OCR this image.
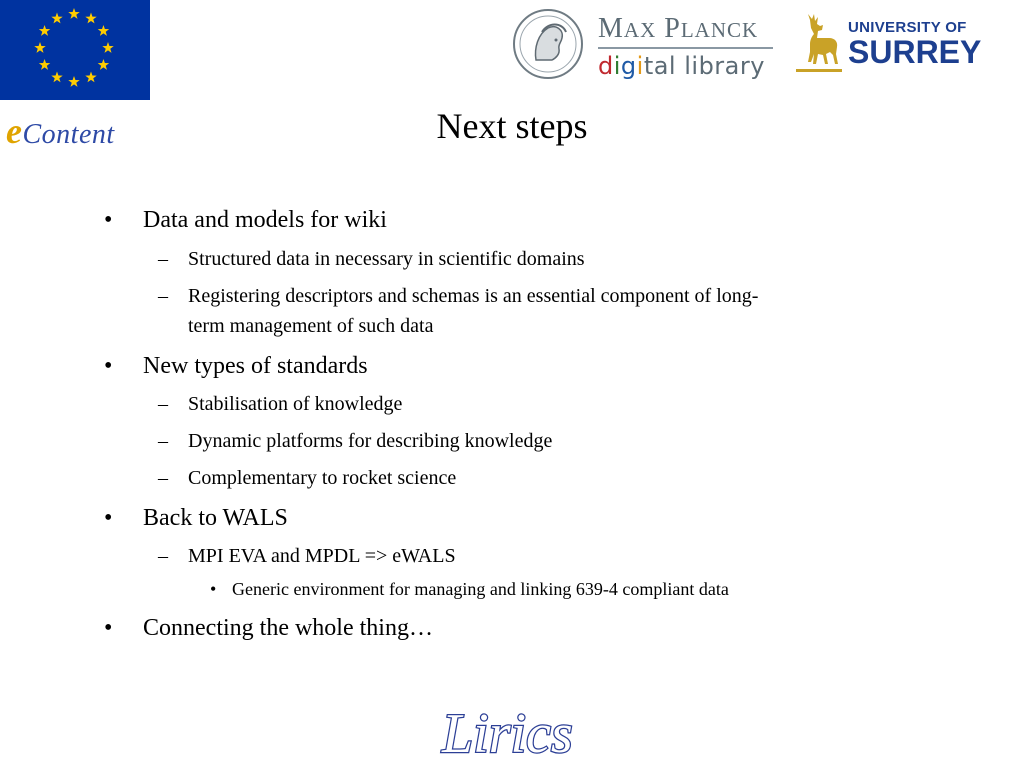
eContent
MAX PLANCK
digital library
UNIVERSITY OF
SURREY
Next steps
• Data and models for wiki
– Structured data in necessary in scientific domains
– Registering descriptors and schemas is an essential component of long-
term management of such data
• New types of standards
– Stabilisation of knowledge
– Dynamic platforms for describing knowledge
– Complementary to rocket science
• Back to WALS
– MPI EVA and MPDL => eWALS
• Generic environment for managing and linking 639-4 compliant data
• Connecting the whole thing…
Lirics
